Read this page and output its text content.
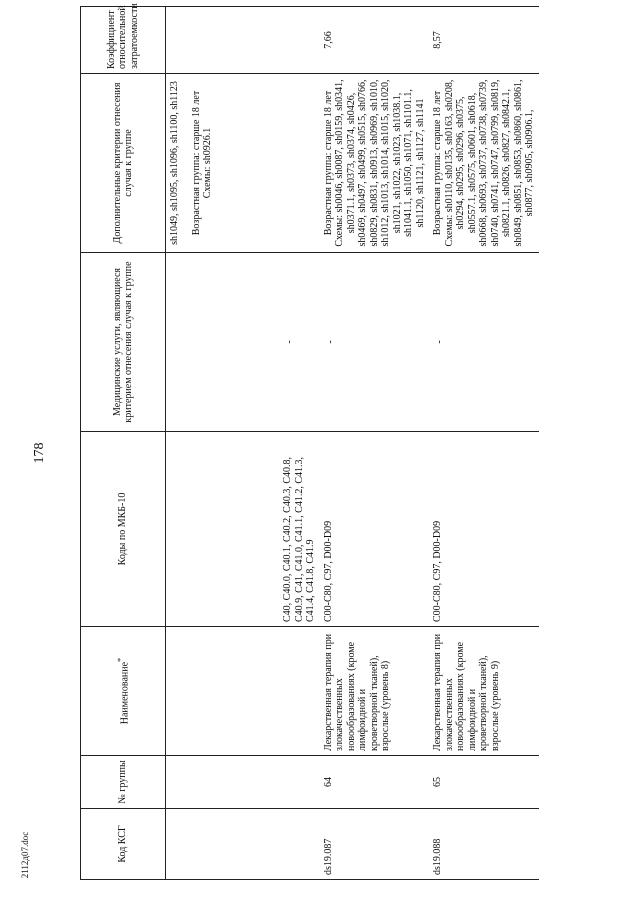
178
2112д07.doc	Код КСГ	№ группы	Наименование*	Коды по МКБ-10	Медицинские услуги, являющиеся критерием отнесения случая к группе	Дополнительные критерии отнесения случая к группе	Коэффициент относительной затратоемкости
			C40, C40.0, C40.1, C40.2, C40.3, C40.8, C40.9, C41, C41.0, C41.1, C41.2, C41.3, C41.4, C41.8, C41.9	-	sh1049, sh1095, sh1096, sh1100, sh1123 Возрастная группа: старше 18 лет Схемы: sh0926.1	

ds19.087	64	Лекарственная терапия при злокачественных новообразованиях (кроме лимфоидной и кроветворной тканей), взрослые (уровень 8)	C00-C80, C97, D00-D09	-	Возрастная группа: старше 18 лет Схемы: sh0046, sh0087, sh0159, sh0341, sh0371.1, sh0373, sh0374, sh0426, sh0469, sh0497, sh0499, sh0515, sh0766, sh0829, sh0831, sh0913, sh0969, sh1010, sh1012, sh1013, sh1014, sh1015, sh1020, sh1021, sh1022, sh1023, sh1038.1, sh1041.1, sh1050, sh1071, sh1101.1, sh1120, sh1121, sh1127, sh1141	7,66
ds19.088	65	Лекарственная терапия при злокачественных новообразованиях (кроме лимфоидной и кроветворной тканей), взрослые (уровень 9)	C00-C80, C97, D00-D09	-	Возрастная группа: старше 18 лет Схемы: sh0110, sh0135, sh0163, sh0208, sh0294, sh0295, sh0296, sh0375, sh0557.1, sh0575, sh0601, sh0618, sh0668, sh0693, sh0737, sh0738, sh0739, sh0740, sh0741, sh0747, sh0799, sh0819, sh0821.1, sh0826, sh0827, sh0842.1, sh0849, sh0851, sh0853, sh0860, sh0861, sh0877, sh0905, sh0906.1,	8,57
